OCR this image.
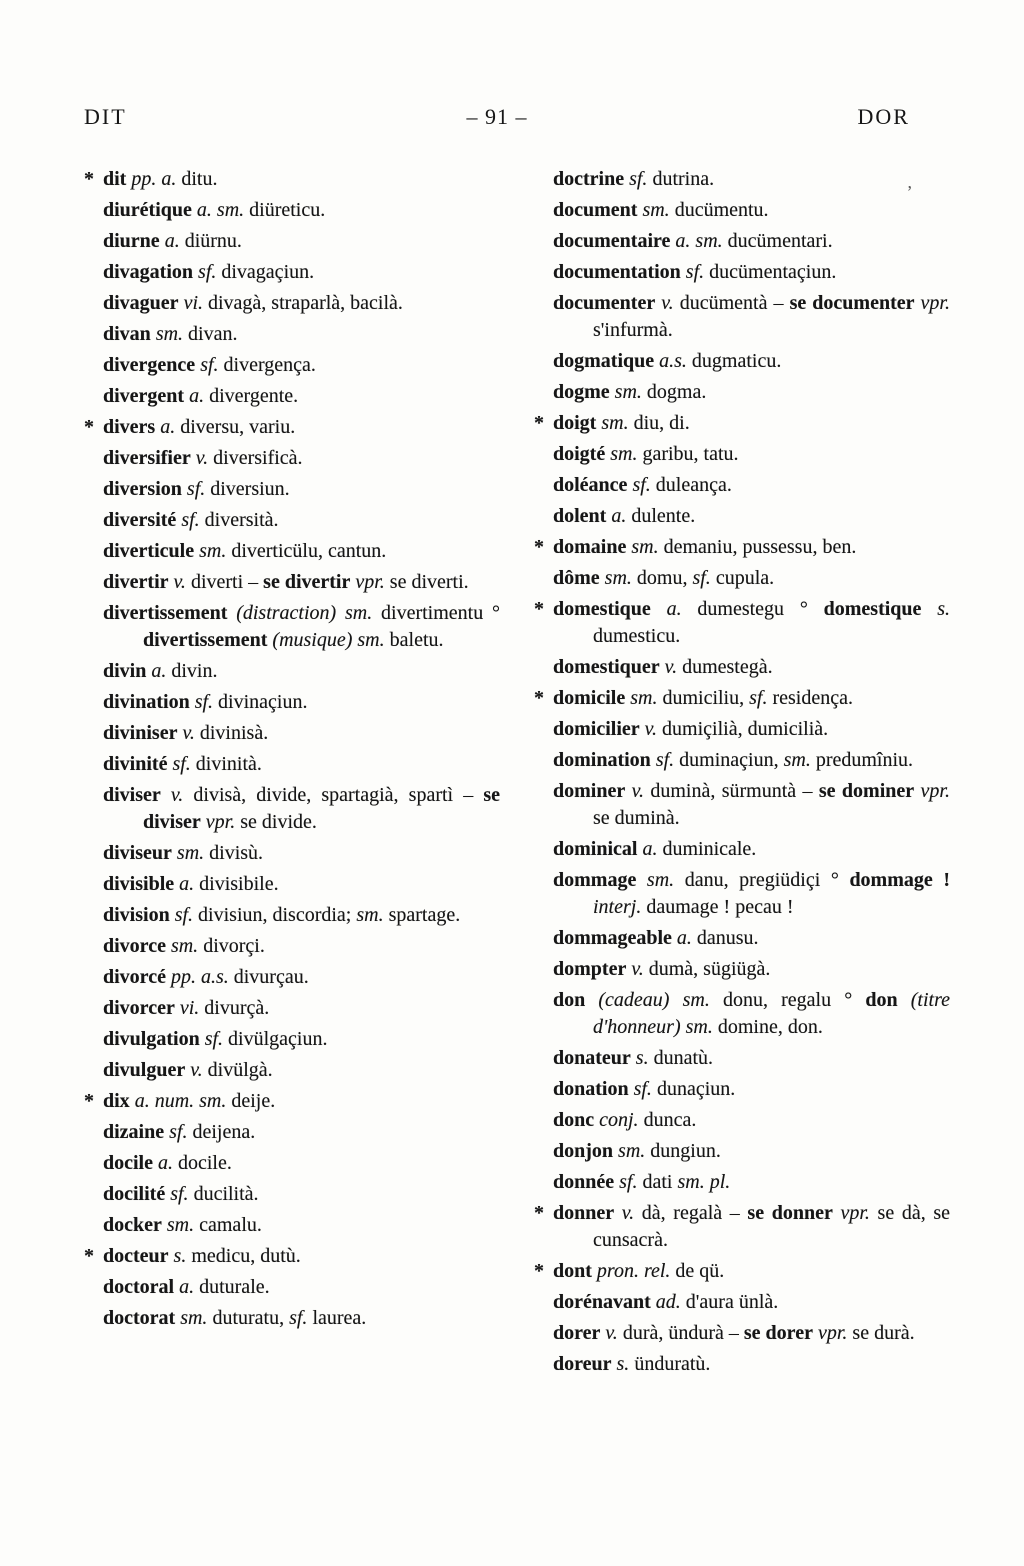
DIT	– 91 –	DOR
,
* dit pp. a. ditu.
diurétique a. sm. diüreticu.
diurne a. diürnu.
divagation sf. divagaçiun.
divaguer vi. divagà, straparlà, bacilà.
divan sm. divan.
divergence sf. divergença.
divergent a. divergente.
* divers a. diversu, variu.
diversifier v. diversificà.
diversion sf. diversiun.
diversité sf. diversità.
diverticule sm. diverticülu, cantun.
divertir v. diverti – se divertir vpr. se diverti.
divertissement (distraction) sm. divertimentu ° divertissement (musique) sm. baletu.
divin a. divin.
divination sf. divinaçiun.
diviniser v. divinisà.
divinité sf. divinità.
diviser v. divisà, divide, spartagià, spartì – se diviser vpr. se divide.
diviseur sm. divisù.
divisible a. divisibile.
division sf. divisiun, discordia; sm. spartage.
divorce sm. divorçi.
divorcé pp. a.s. divurçau.
divorcer vi. divurçà.
divulgation sf. divülgaçiun.
divulguer v. divülgà.
* dix a. num. sm. deije.
dizaine sf. deijena.
docile a. docile.
docilité sf. ducilità.
docker sm. camalu.
* docteur s. medicu, dutù.
doctoral a. duturale.
doctorat sm. duturatu, sf. laurea.
doctrine sf. dutrina.
document sm. ducümentu.
documentaire a. sm. ducümentari.
documentation sf. ducümentaçiun.
documenter v. ducümentà – se documenter vpr. s'infurmà.
dogmatique a.s. dugmaticu.
dogme sm. dogma.
* doigt sm. diu, di.
doigté sm. garibu, tatu.
doléance sf. duleança.
dolent a. dulente.
* domaine sm. demaniu, pussessu, ben.
dôme sm. domu, sf. cupula.
* domestique a. dumestegu ° domestique s. dumesticu.
domestiquer v. dumestegà.
* domicile sm. dumiciliu, sf. residença.
domicilier v. dumiçilià, dumicilià.
domination sf. duminaçiun, sm. predumîniu.
dominer v. duminà, sürmuntà – se dominer vpr. se duminà.
dominical a. duminicale.
dommage sm. danu, pregiüdiçi ° dommage ! interj. daumage ! pecau !
dommageable a. danusu.
dompter v. dumà, sügiügà.
don (cadeau) sm. donu, regalu ° don (titre d'honneur) sm. domine, don.
donateur s. dunatù.
donation sf. dunaçiun.
donc conj. dunca.
donjon sm. dungiun.
donnée sf. dati sm. pl.
* donner v. dà, regalà – se donner vpr. se dà, se cunsacrà.
* dont pron. rel. de qü.
dorénavant ad. d'aura ünlà.
dorer v. durà, ündurà – se dorer vpr. se durà.
doreur s. ünduratù.
